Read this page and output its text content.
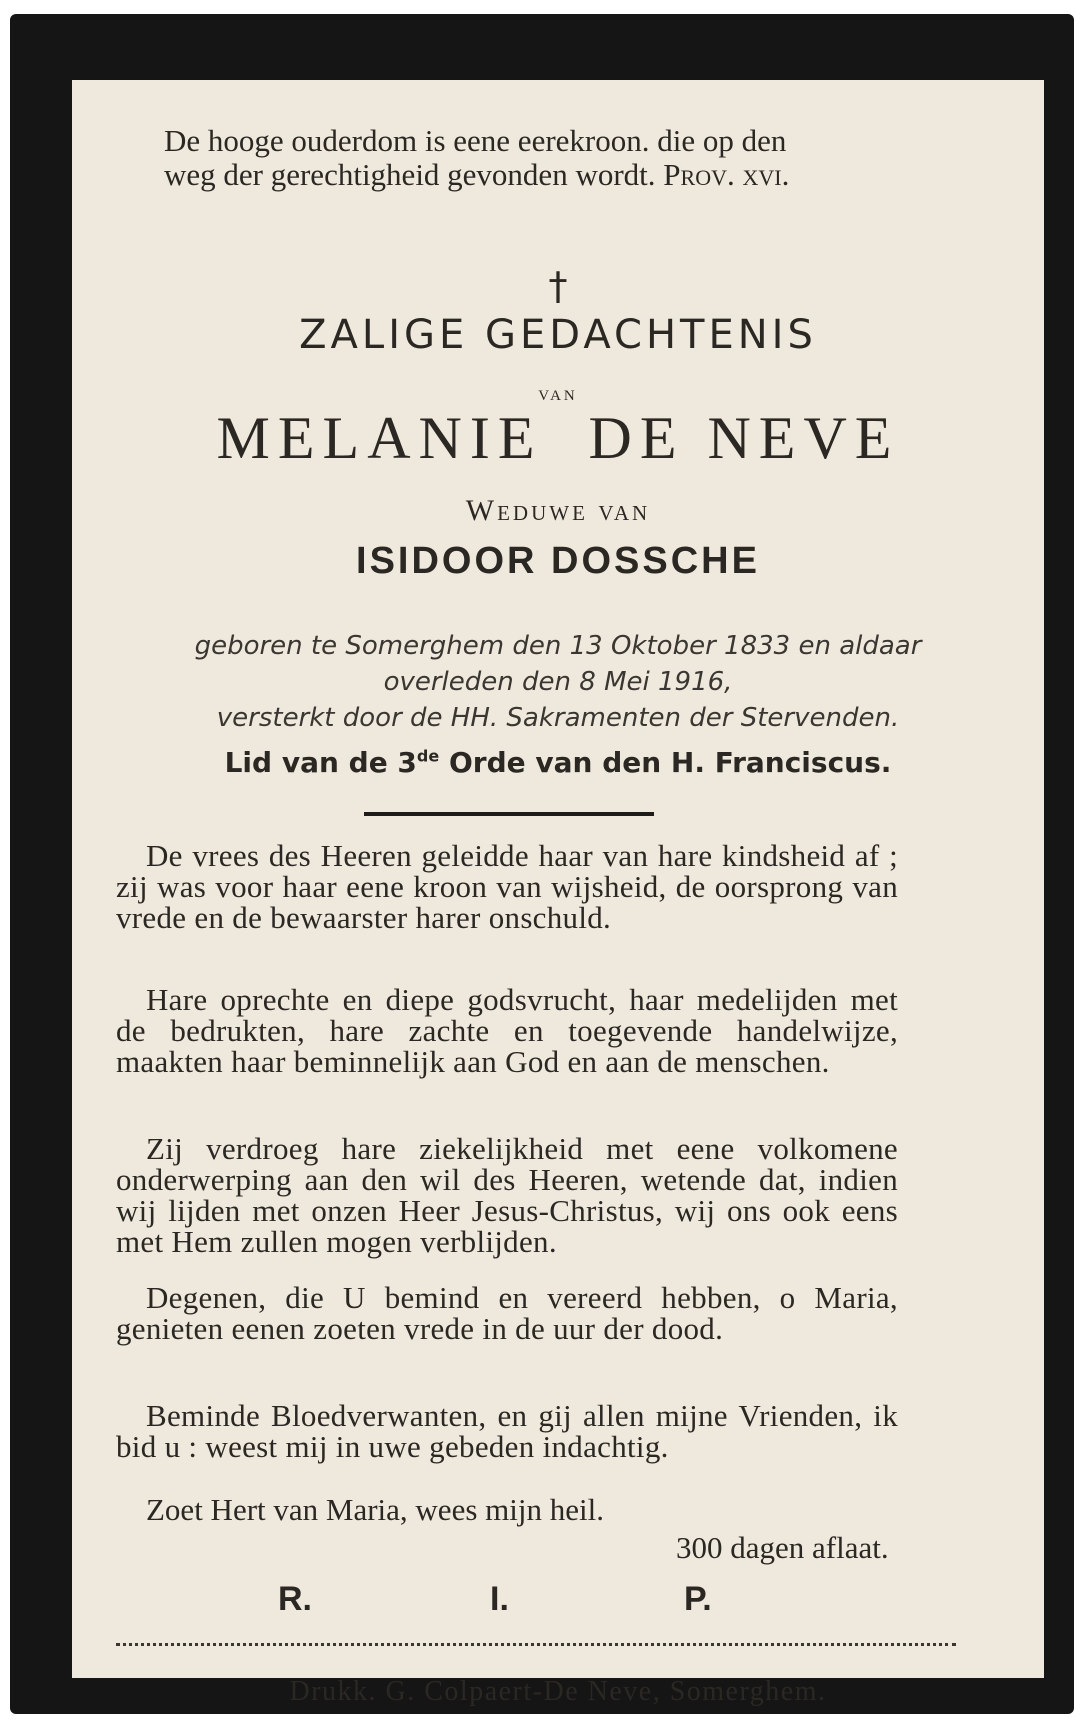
De hooge ouderdom is eene eerekroon. die op den
weg der gerechtigheid gevonden wordt. Prov. xvi.
†
ZALIGE GEDACHTENIS
van
MELANIE  DE NEVE
Weduwe van
ISIDOOR DOSSCHE
geboren te Somerghem den 13 Oktober 1833 en aldaar
overleden den 8 Mei 1916,
versterkt door de HH. Sakramenten der Stervenden.
Lid van de 3de Orde van den H. Franciscus.
De vrees des Heeren geleidde haar van hare kindsheid af ; zij was voor haar eene kroon van wijsheid, de oorsprong van vrede en de bewaarster harer onschuld.
Hare oprechte en diepe godsvrucht, haar medelijden met de bedrukten, hare zachte en toegevende handelwijze, maakten haar beminnelijk aan God en aan de menschen.
Zij verdroeg hare ziekelijkheid met eene volkomene onderwerping aan den wil des Heeren, wetende dat, indien wij lijden met onzen Heer Jesus-Christus, wij ons ook eens met Hem zullen mogen verblijden.
Degenen, die U bemind en vereerd hebben, o Maria, genieten eenen zoeten vrede in de uur der dood.
Beminde Bloedverwanten, en gij allen mijne Vrienden, ik bid u : weest mij in uwe gebeden indachtig.
Zoet Hert van Maria, wees mijn heil.
300 dagen aflaat.
R.	I.	P.
Drukk. G. Colpaert-De Neve, Somerghem.
